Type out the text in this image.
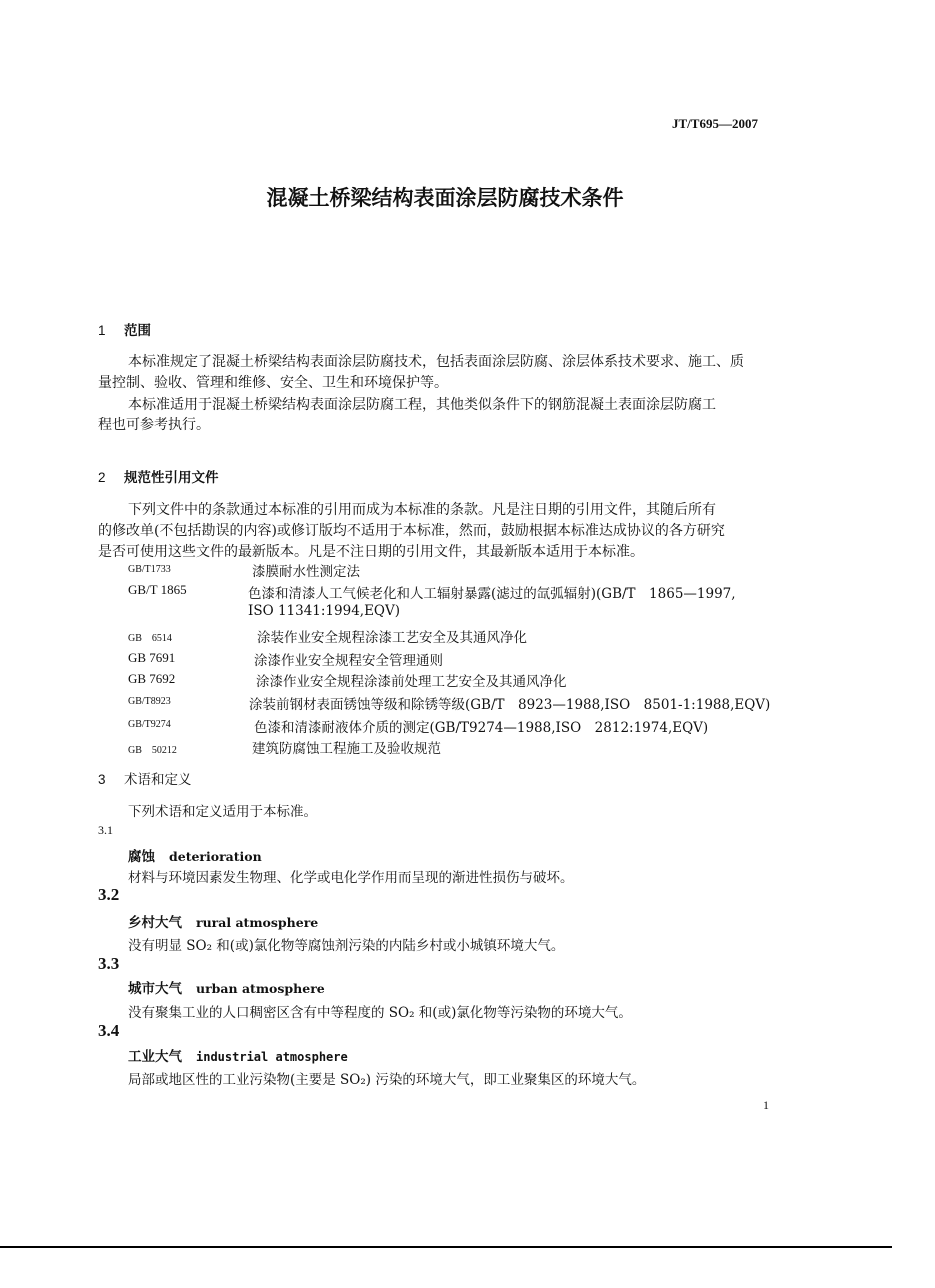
JT/T695—2007
混凝土桥梁结构表面涂层防腐技术条件
1 范围
本标准规定了混凝土桥梁结构表面涂层防腐技术，包括表面涂层防腐、涂层体系技术要求、施工、质
量控制、验收、管理和维修、安全、卫生和环境保护等。
本标准适用于混凝土桥梁结构表面涂层防腐工程，其他类似条件下的钢筋混凝土表面涂层防腐工
程也可参考执行。
2 规范性引用文件
下列文件中的条款通过本标准的引用而成为本标准的条款。凡是注日期的引用文件，其随后所有
的修改单(不包括勘误的内容)或修订版均不适用于本标准，然而，鼓励根据本标准达成协议的各方研究
是否可使用这些文件的最新版本。凡是不注日期的引用文件，其最新版本适用于本标准。
GB/T1733	漆膜耐水性测定法
GB/T 1865	色漆和清漆人工气候老化和人工辐射暴露(滤过的氙弧辐射)(GB/T　1865—1997,
ISO 11341:1994,EQV)
GB　6514	涂装作业安全规程涂漆工艺安全及其通风净化
GB 7691	涂漆作业安全规程安全管理通则
GB 7692	涂漆作业安全规程涂漆前处理工艺安全及其通风净化
GB/T8923	涂装前钢材表面锈蚀等级和除锈等级(GB/T　8923—1988,ISO　8501-1:1988,EQV)
GB/T9274	色漆和清漆耐液体介质的测定(GB/T9274—1988,ISO　2812:1974,EQV)
GB　50212	建筑防腐蚀工程施工及验收规范
3 术语和定义
下列术语和定义适用于本标准。
3.1
腐蚀 deterioration
材料与环境因素发生物理、化学或电化学作用而呈现的渐进性损伤与破坏。
3.2
乡村大气 rural atmosphere
没有明显 SO₂ 和(或)氯化物等腐蚀剂污染的内陆乡村或小城镇环境大气。
3.3
城市大气 urban atmosphere
没有聚集工业的人口稠密区含有中等程度的 SO₂ 和(或)氯化物等污染物的环境大气。
3.4
工业大气 industrial atmosphere
局部或地区性的工业污染物(主要是 SO₂) 污染的环境大气，即工业聚集区的环境大气。
1
